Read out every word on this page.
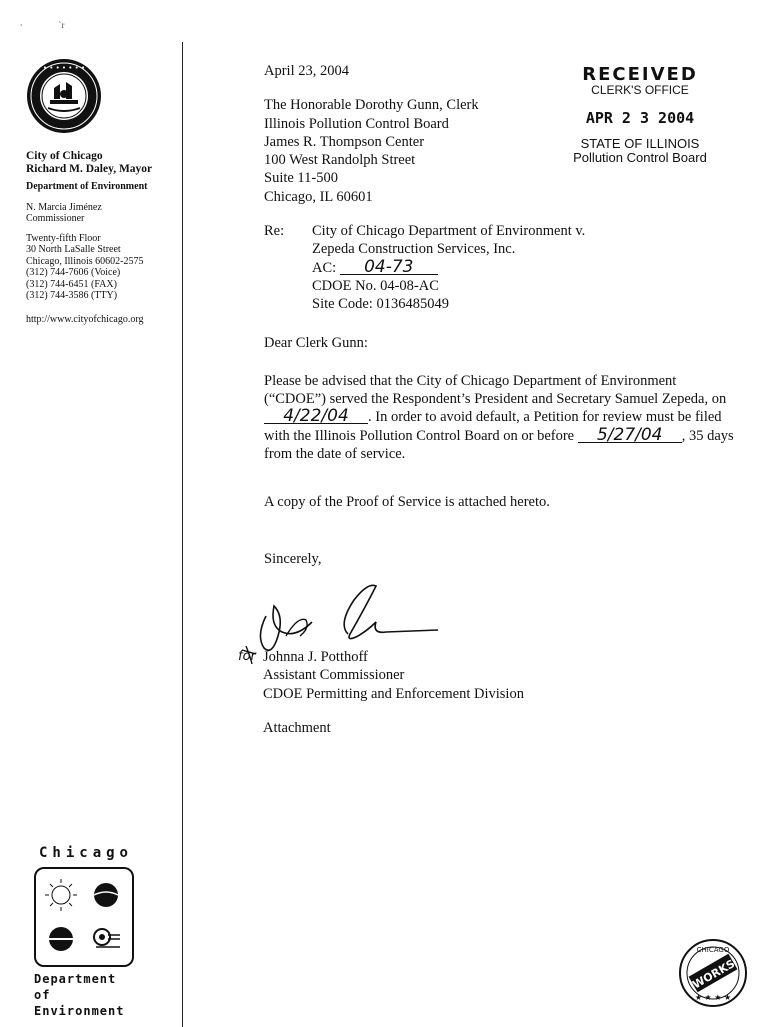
⸱                `r
• • • • • • •
City of Chicago
Richard M. Daley, Mayor
Department of Environment
N. Marcia Jiménez
Commissioner
Twenty-fifth Floor
30 North LaSalle Street
Chicago, Illinois 60602-2575
(312) 744-7606 (Voice)
(312) 744-6451 (FAX)
(312) 744-3586 (TTY)
http://www.cityofchicago.org
Chicago
Department of
Environment
RECEIVED
CLERK'S OFFICE
APR 2 3 2004
STATE OF ILLINOIS
Pollution Control Board
April 23, 2004
The Honorable Dorothy Gunn, Clerk
Illinois Pollution Control Board
James R. Thompson Center
100 West Randolph Street
Suite 11-500
Chicago, IL 60601
Re:	City of Chicago Department of Environment v.
Zepeda Construction Services, Inc.
AC: 04-73
CDOE No. 04-08-AC
Site Code: 0136485049
Dear Clerk Gunn:

Please be advised that the City of Chicago Department of Environment (“CDOE”) served the Respondent’s President and Secretary Samuel Zepeda, on 4/22/04 . In order to avoid default, a Petition for review must be filed with the Illinois Pollution Control Board on or before 5/27/04 , 35 days from the date of service.

A copy of the Proof of Service is attached hereto.
Sincerely,
for Johnna J. Potthoff
Assistant Commissioner
CDOE Permitting and Enforcement Division
Attachment
WORKS
CHICAGO
★ ★ ★ ★
